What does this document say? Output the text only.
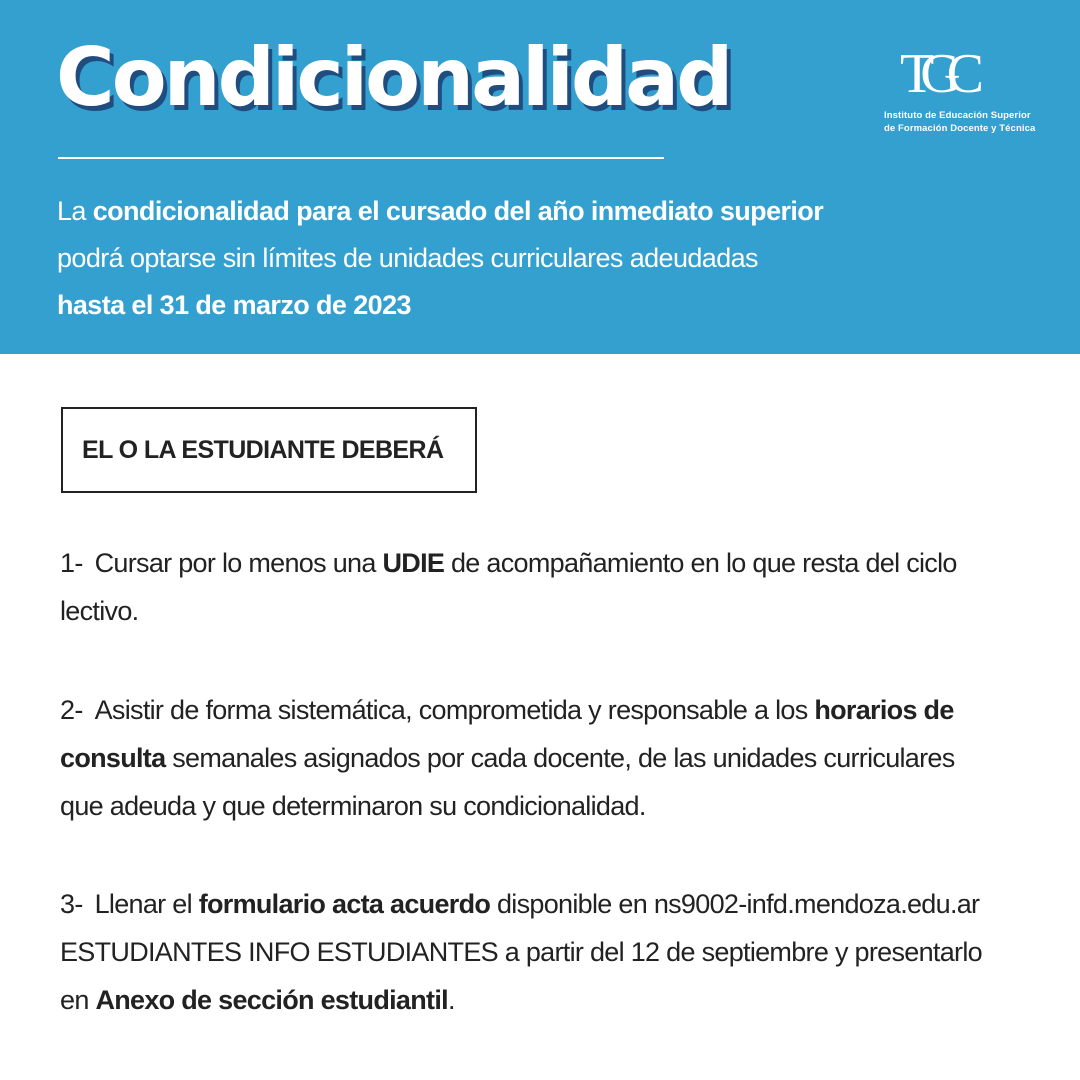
Condicionalidad

La condicionalidad para el cursado del año inmediato superior

podrá optarse sin límites de unidades curriculares adeudadas

hasta el 31 de marzo de 2023

TGC
Instituto de Educación Superior
de Formación Docente y Técnica
EL O LA ESTUDIANTE DEBERÁ

1- Cursar por lo menos una UDIE de acompañamiento en lo que resta del ciclo

lectivo.

2- Asistir de forma sistemática, comprometida y responsable a los horarios de

consulta semanales asignados por cada docente, de las unidades curriculares

que adeuda y que determinaron su condicionalidad.

3- Llenar el formulario acta acuerdo disponible en ns9002-infd.mendoza.edu.ar

ESTUDIANTES INFO ESTUDIANTES a partir del 12 de septiembre y presentarlo

en Anexo de sección estudiantil.
